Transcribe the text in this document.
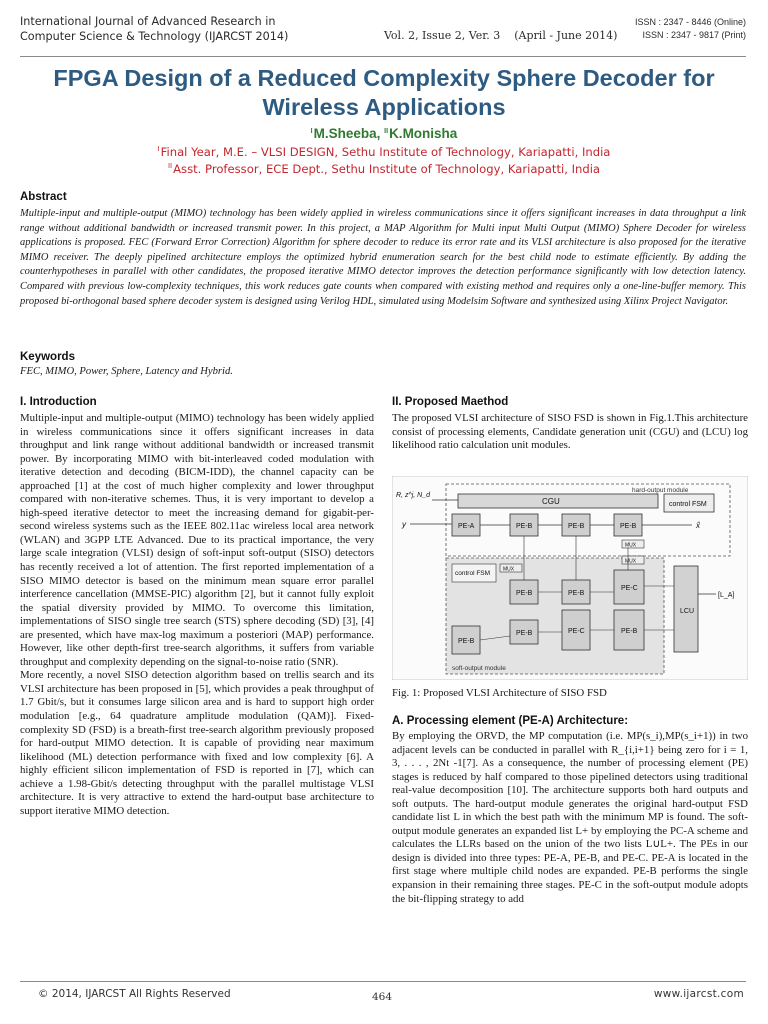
International Journal of Advanced Research in
Computer Science & Technology (IJARCST 2014)	Vol. 2, Issue 2, Ver. 3 (April - June 2014)
ISSN : 2347 - 8446 (Online)
ISSN : 2347 - 9817 (Print)
FPGA Design of a Reduced Complexity Sphere Decoder for Wireless Applications
$^I$M.Sheeba, $^{II}$K.Monisha
$^I$Final Year, M.E. – VLSI DESIGN, Sethu Institute of Technology, Kariapatti, India
$^{II}$Asst. Professor, ECE Dept., Sethu Institute of Technology, Kariapatti, India
Abstract
Multiple-input and multiple-output (MIMO) technology has been widely applied in wireless communications since it offers significant increases in data throughput a link range without additional bandwidth or increased transmit power. In this project, a MAP Algorithm for Multi input Multi Output (MIMO) Sphere Decoder for wireless applications is proposed. FEC (Forward Error Correction) Algorithm for sphere decoder to reduce its error rate and its VLSI architecture is also proposed for the iterative MIMO receiver. The deeply pipelined architecture employs the optimized hybrid enumeration search for the best child node to estimate efficiently. By adding the counterhypotheses in parallel with other candidates, the proposed iterative MIMO detector improves the detection performance significantly with low detection latency. Compared with previous low-complexity techniques, this work reduces gate counts when compared with existing method and requires only a one-line-buffer memory. This proposed bi-orthogonal based sphere decoder system is designed using Verilog HDL, simulated using Modelsim Software and synthesized using Xilinx Project Navigator.
Keywords
FEC, MIMO, Power, Sphere, Latency and Hybrid.
I. Introduction

Multiple-input and multiple-output (MIMO) technology has been widely applied in wireless communications since it offers significant increases in data throughput and link range without additional bandwidth or increased transmit power. By incorporating MIMO with bit-interleaved coded modulation with iterative detection and decoding (BICM-IDD), the channel capacity can be approached [1] at the cost of much higher complexity and lower throughput compared with non-iterative schemes. Thus, it is very important to develop a high-speed iterative detector to meet the increasing demand for gigabit-per-second wireless systems such as the IEEE 802.11ac wireless local area network (WLAN) and 3GPP LTE Advanced. Due to its practical importance, the very large scale integration (VLSI) design of soft-input soft-output (SISO) detectors has recently received a lot of attention. The first reported implementation of a SISO MIMO detector is based on the minimum mean square error parallel interference cancellation (MMSE-PIC) algorithm [2], but it cannot fully exploit the spatial diversity provided by MIMO. To overcome this limitation, implementations of SISO single tree search (STS) sphere decoding (SD) [3], [4] are presented, which have max-log maximum a posteriori (MAP) performance. However, like other depth-first tree-search algorithms, it suffers from variable throughput and complexity depending on the signal-to-noise ratio (SNR).

More recently, a novel SISO detection algorithm based on trellis search and its VLSI architecture has been proposed in [5], which provides a peak throughput of 1.7 Gbit/s, but it consumes large silicon area and is hard to support high order modulation [e.g., 64 quadrature amplitude modulation (QAM)]. Fixed-complexity SD (FSD) is a breath-first tree-search algorithm previously proposed for hard-output MIMO detection. It is capable of providing near maximum likelihood (ML) detection performance with fixed and low complexity [6]. A highly efficient silicon implementation of FSD is reported in [7], which can achieve a 1.98-Gbit/s detecting throughput with the parallel multistage VLSI architecture. It is very attractive to extend the hard-output base architecture to support iterative MIMO detection.

II. Proposed Maethod

The proposed VLSI architecture of SISO FSD is shown in Fig.1.This architecture consist of processing elements, Candidate generation unit (CGU) and (LCU) log likelihood ratio calculation unit modules.

hard-output module
CGU	control FSM
R, z^j, N_d
y	PE-A	PE-B	PE-B	PE-B	x̂
MUX
soft-output module
control FSM
MUX
MUX
PE-B	PE-B
PE-C
PE-B	PE-C	PE-B
PE-B
LCU
[L_A]
Fig. 1: Proposed VLSI Architecture of SISO FSD
A. Processing element (PE-A) Architecture:

By employing the ORVD, the MP computation (i.e. MP(s_i),MP(s_i+1)) in two adjacent levels can be conducted in parallel with R_{i,i+1} being zero for i = 1, 3, . . . , 2Nt -1[7]. As a consequence, the number of processing element (PE) stages is reduced by half compared to those pipelined detectors using traditional real-value decomposition [10]. The architecture supports both hard outputs and soft outputs. The hard-output module generates the original hard-output FSD candidate list L in which the best path with the minimum MP is found. The soft-output module generates an expanded list L+ by employing the PC-A scheme and calculates the LLRs based on the union of the two lists L∪L+. The PEs in our design is divided into three types: PE-A, PE-B, and PE-C. PE-A is located in the first stage where multiple child nodes are expanded. PE-B performs the single expansion in their remaining three stages. PE-C in the soft-output module adopts the bit-flipping strategy to add

© 2014, IJARCST All Rights Reserved	464	www.ijarcst.com
